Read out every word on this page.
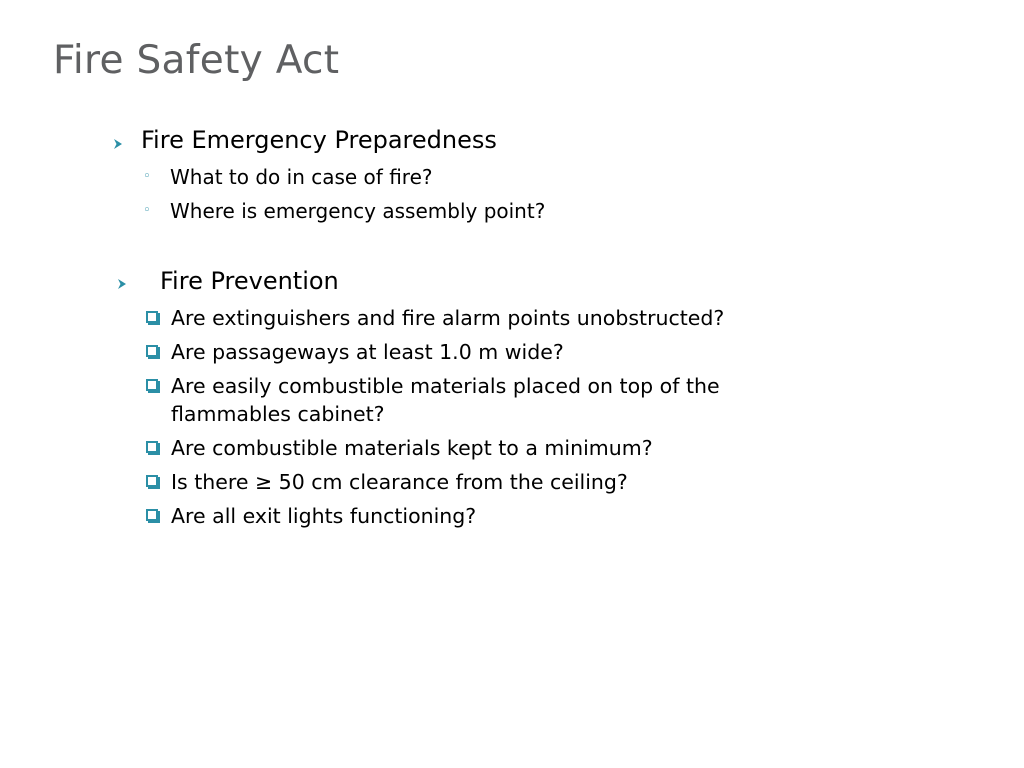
Fire Safety Act
Fire Emergency Preparedness
◦ What to do in case of fire?
◦ Where is emergency assembly point?
Fire Prevention
Are extinguishers and fire alarm points unobstructed?
Are passageways at least 1.0 m wide?
Are easily combustible materials placed on top of the
flammables cabinet?
Are combustible materials kept to a minimum?
Is there ≥ 50 cm clearance from the ceiling?
Are all exit lights functioning?
